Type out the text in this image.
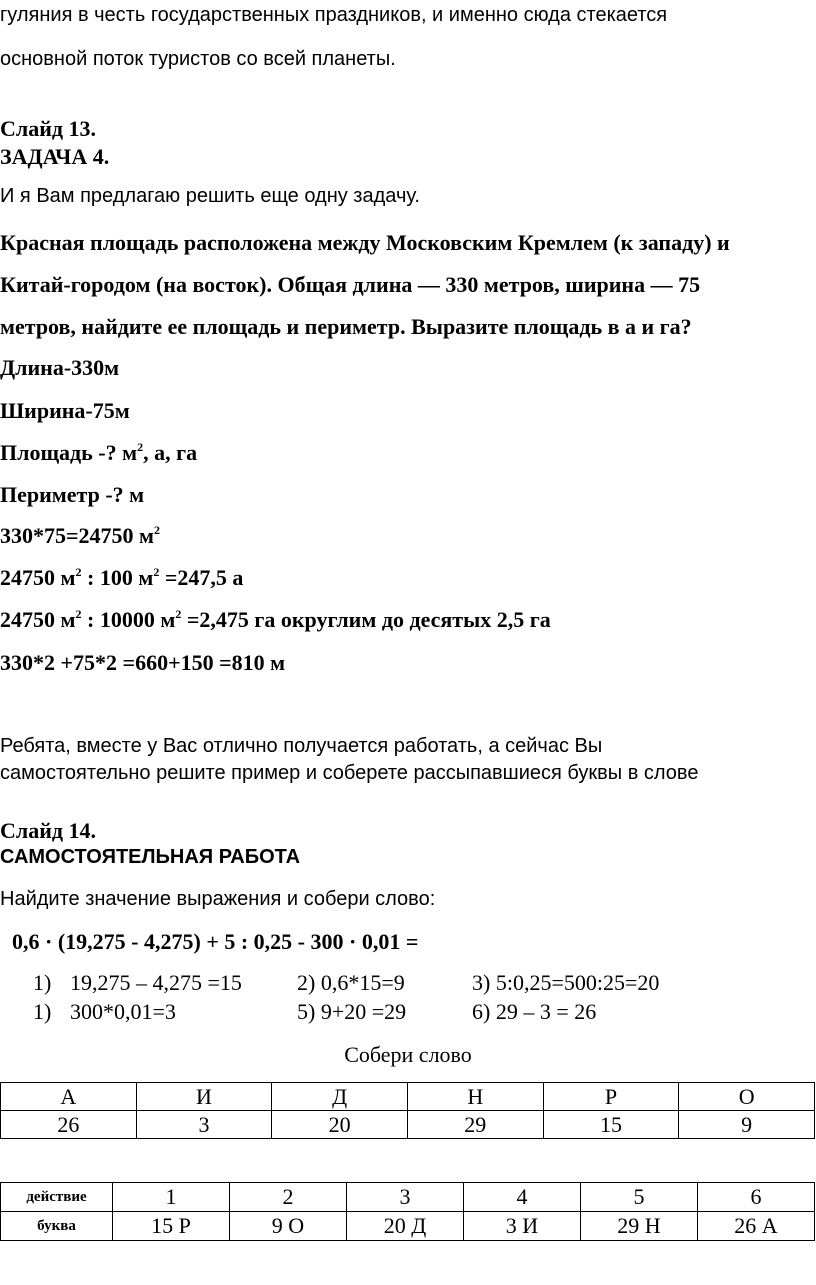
гуляния в честь государственных праздников, и именно сюда стекается
основной поток туристов со всей планеты.
Слайд 13.
ЗАДАЧА 4.
И я Вам предлагаю решить еще одну задачу.
Красная площадь расположена между Московским Кремлем (к западу) и
Китай-городом (на восток). Общая длина — 330 метров, ширина — 75
метров, найдите ее площадь и периметр. Выразите площадь в а и га?
Длина-330м
Ширина-75м
Площадь -? $м^2$, а, га
Периметр -? м
330*75=24750 $м^2$
24750 $м^2$ : 100 $м^2 =247,5$ а
24750 $м^2$ : 10000 $м^2 =2,475$ га округлим до десятых 2,5 га
330*2 +75*2 =660+150 =810 м
Ребята, вместе у Вас отлично получается работать, а сейчас Вы
самостоятельно решите пример и соберете рассыпавшиеся буквы в слове
Слайд 14.
САМОСТОЯТЕЛЬНАЯ РАБОТА
Найдите значение выражения и собери слово:
0,6 · (19,275 - 4,275) + 5 : 0,25 - 300 · 0,01 =
1) 19,275 – 4,275 =15	2) 0,6*15=9	3) 5:0,25=500:25=20
1) 300*0,01=3	5) 9+20 =29	6) 29 – 3 = 26
Собери слово
А	И	Д	Н	Р	О
26	3	20	29	15	9
действие	1	2	3	4	5	6
буква	15 Р	9 О	20 Д	3 И	29 Н	26 А
